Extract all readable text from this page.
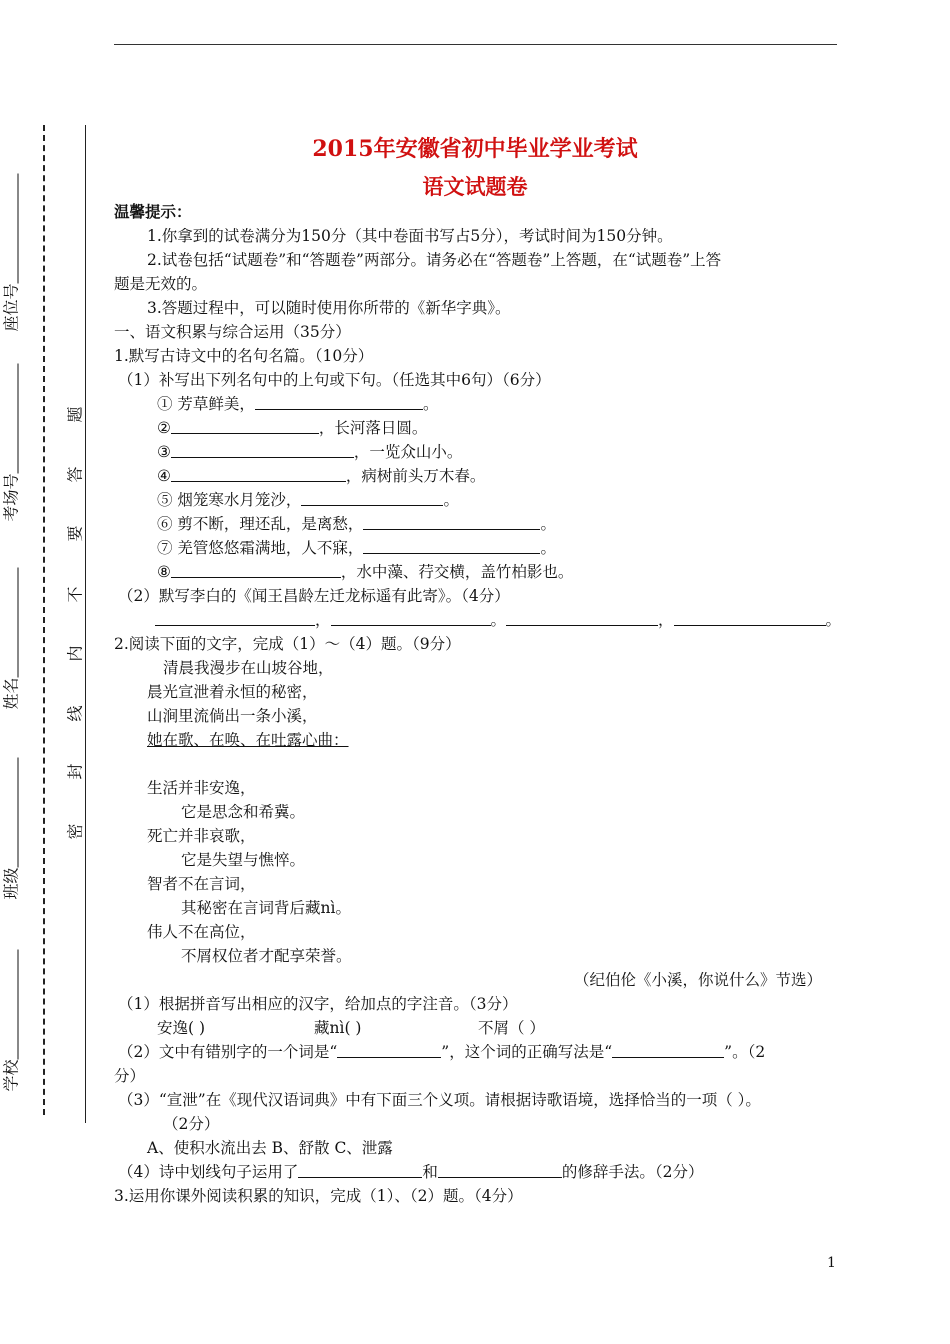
座位号
考场号
姓名
班级
学校
题
答
要
不
内
线
封
密
2015年安徽省初中毕业学业考试
语文试题卷
温馨提示：
1.你拿到的试卷满分为150分（其中卷面书写占5分），考试时间为150分钟。
2.试卷包括“试题卷”和“答题卷”两部分。请务必在“答题卷”上答题，在“试题卷”上答
题是无效的。
3.答题过程中，可以随时使用你所带的《新华字典》。
一、语文积累与综合运用（35分）
1.默写古诗文中的名句名篇。（10分）
（1）补写出下列名句中的上句或下句。（任选其中6句）（6分）
① 芳草鲜美，	。
②	，长河落日圆。
③	，一览众山小。
④	，病树前头万木春。
⑤ 烟笼寒水月笼沙，	。
⑥ 剪不断，理还乱，是离愁，	。
⑦ 羌管悠悠霜满地，人不寐，	。
⑧	，水中藻、荇交横，盖竹柏影也。
（2）默写李白的《闻王昌龄左迁龙标遥有此寄》。（4分）
，	。	，	。
2.阅读下面的文字，完成（1）～（4）题。（9分）
清晨我漫步在山坡谷地，
晨光宣泄着永恒的秘密，
山涧里流倘出一条小溪，
她在歌、在唤、在吐露心曲：
生活并非安逸，
它是思念和希冀。
死亡并非哀歌，
它是失望与憔悴。
智者不在言词，
其秘密在言词背后藏nì。
伟人不在高位，
不屑权位者才配享荣誉。
（纪伯伦《小溪，你说什么》节选）
（1）根据拼音写出相应的汉字，给加点的字注音。（3分）
安逸( )	藏nì( )	不屑（ ）
（2）文中有错别字的一个词是“	”，这个词的正确写法是“	”。（2
分）
（3）“宣泄”在《现代汉语词典》中有下面三个义项。请根据诗歌语境，选择恰当的一项（ ）。
（2分）
A、使积水流出去 B、舒散 C、泄露
（4）诗中划线句子运用了	和	的修辞手法。（2分）
3.运用你课外阅读积累的知识，完成（1）、（2）题。（4分）
1
